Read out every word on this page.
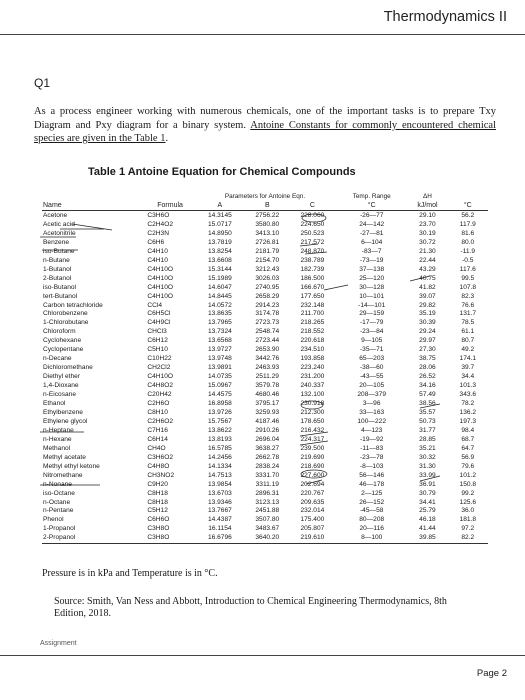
Thermodynamics II
Q1

As a process engineer working with numerous chemicals, one of the important tasks is to prepare Txy Diagram and Pxy diagram for a binary system. Antoine Constants for commonly encountered chemical species are given in the Table 1.

Table 1 Antoine Equation for Chemical Compounds
		Parameters for Antoine Eqn.			Temp. Range	ΔH	
Name	Formula	A	B	C	°C	kJ/mol	°C
Acetone	C3H6O	14.3145	2756.22	228.060	-26—77	29.10	56.2
Acetic acid	C2H4O2	15.0717	3580.80	224.650	24—142	23.70	117.9
Acetonitrile	C2H3N	14.8950	3413.10	250.523	-27—81	30.19	81.6
Benzene	C6H6	13.7819	2726.81	217.572	6—104	30.72	80.0
iso-Butane	C4H10	13.8254	2181.79	248.870	-83—7	21.30	-11.9
n-Butane	C4H10	13.6608	2154.70	238.789	-73—19	22.44	-0.5
1-Butanol	C4H10O	15.3144	3212.43	182.739	37—138	43.29	117.6
2-Butanol	C4H10O	15.1989	3026.03	186.500	25—120	40.75	99.5
iso-Butanol	C4H10O	14.6047	2740.95	166.670	30—128	41.82	107.8
tert-Butanol	C4H10O	14.8445	2658.29	177.650	10—101	39.07	82.3
Carbon tetrachloride	CCl4	14.0572	2914.23	232.148	-14—101	29.82	76.6
Chlorobenzene	C6H5Cl	13.8635	3174.78	211.700	29—159	35.19	131.7
1-Chlorobutane	C4H9Cl	13.7965	2723.73	218.265	-17—79	30.39	78.5
Chloroform	CHCl3	13.7324	2548.74	218.552	-23—84	29.24	61.1
Cyclohexane	C6H12	13.6568	2723.44	220.618	9—105	29.97	80.7
Cyclopentane	C5H10	13.9727	2653.90	234.510	-35—71	27.30	49.2
n-Decane	C10H22	13.9748	3442.76	193.858	65—203	38.75	174.1
Dichloromethane	CH2Cl2	13.9891	2463.93	223.240	-38—60	28.06	39.7
Diethyl ether	C4H10O	14.0735	2511.29	231.200	-43—55	26.52	34.4
1,4-Dioxane	C4H8O2	15.0967	3579.78	240.337	20—105	34.16	101.3
n-Eicosane	C20H42	14.4575	4680.46	132.100	208—379	57.49	343.6
Ethanol	C2H6O	16.8958	3795.17	230.918	3—96	38.56	78.2
Ethylbenzene	C8H10	13.9726	3259.93	212.300	33—163	35.57	136.2
Ethylene glycol	C2H6O2	15.7567	4187.46	178.650	100—222	50.73	197.3
n-Heptane	C7H16	13.8622	2910.26	216.432	4—123	31.77	98.4
n-Hexane	C6H14	13.8193	2696.04	224.317	-19—92	28.85	68.7
Methanol	CH4O	16.5785	3638.27	239.500	-11—83	35.21	64.7
Methyl acetate	C3H6O2	14.2456	2662.78	219.690	-23—78	30.32	56.9
Methyl ethyl ketone	C4H8O	14.1334	2838.24	218.690	-8—103	31.30	79.6
Nitromethane	CH3NO2	14.7513	3331.70	227.600	56—146	33.99	101.2
n-Nonane	C9H20	13.9854	3311.19	202.694	46—178	36.91	150.8
iso-Octane	C8H18	13.6703	2896.31	220.767	2—125	30.79	99.2
n-Octane	C8H18	13.9346	3123.13	209.635	26—152	34.41	125.6
n-Pentane	C5H12	13.7667	2451.88	232.014	-45—58	25.79	36.0
Phenol	C6H6O	14.4387	3507.80	175.400	80—208	46.18	181.8
1-Propanol	C3H8O	16.1154	3483.67	205.807	20—116	41.44	97.2
2-Propanol	C3H8O	16.6796	3640.20	219.610	8—100	39.85	82.2
Pressure is in kPa and Temperature is in °C.
Source: Smith, Van Ness and Abbott, Introduction to Chemical Engineering Thermodynamics, 8th Edition, 2018.
Assignment
Page 2
